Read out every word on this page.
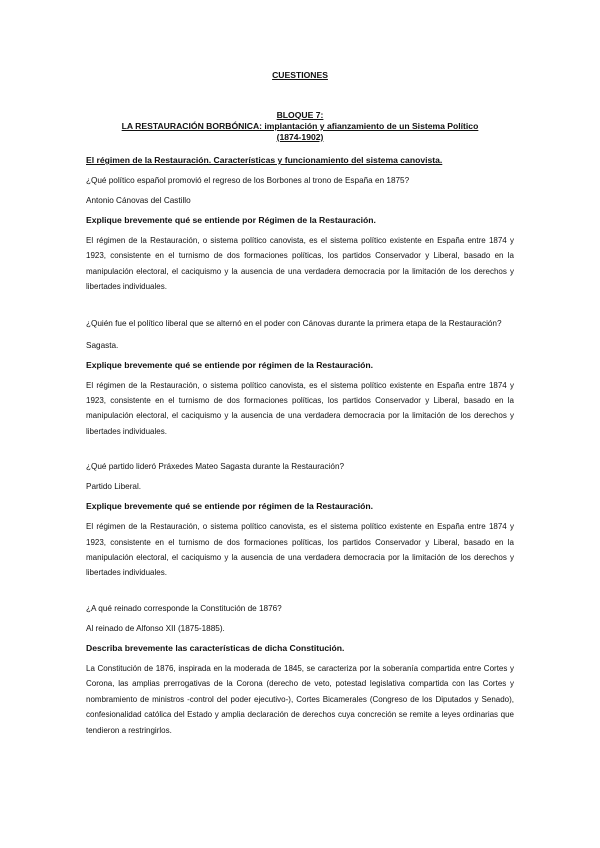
CUESTIONES
BLOQUE 7:
LA RESTAURACIÓN BORBÓNICA: implantación y afianzamiento de un Sistema Político
(1874-1902)
El régimen de la Restauración. Características y funcionamiento del sistema canovista.
¿Qué político español promovió el regreso de los Borbones al trono de España en 1875?
Antonio Cánovas del Castillo
Explique brevemente qué se entiende por Régimen de la Restauración.
El régimen de la Restauración, o sistema político canovista, es el sistema político existente en España entre 1874 y 1923, consistente en el turnismo de dos formaciones políticas, los partidos Conservador y Liberal, basado en la manipulación electoral, el caciquismo y la ausencia de una verdadera democracia por la limitación de los derechos y libertades individuales.
¿Quién fue el político liberal que se alternó en el poder con Cánovas durante la primera etapa de la Restauración?
Sagasta.
Explique brevemente qué se entiende por régimen de la Restauración.
El régimen de la Restauración, o sistema político canovista, es el sistema político existente en España entre 1874 y 1923, consistente en el turnismo de dos formaciones políticas, los partidos Conservador y Liberal, basado en la manipulación electoral, el caciquismo y la ausencia de una verdadera democracia por la limitación de los derechos y libertades individuales.
¿Qué partido lideró Práxedes Mateo Sagasta durante la Restauración?
Partido Liberal.
Explique brevemente qué se entiende por régimen de la Restauración.
El régimen de la Restauración, o sistema político canovista, es el sistema político existente en España entre 1874 y 1923, consistente en el turnismo de dos formaciones políticas, los partidos Conservador y Liberal, basado en la manipulación electoral, el caciquismo y la ausencia de una verdadera democracia por la limitación de los derechos y libertades individuales.
¿A qué reinado corresponde la Constitución de 1876?
Al reinado de Alfonso XII (1875-1885).
Describa brevemente las características de dicha Constitución.
La Constitución de 1876, inspirada en la moderada de 1845, se caracteriza por la soberanía compartida entre Cortes y Corona, las amplias prerrogativas de la Corona (derecho de veto, potestad legislativa compartida con las Cortes y nombramiento de ministros -control del poder ejecutivo-), Cortes Bicamerales (Congreso de los Diputados y Senado), confesionalidad católica del Estado y amplia declaración de derechos cuya concreción se remite a leyes ordinarias que tendieron a restringirlos.
